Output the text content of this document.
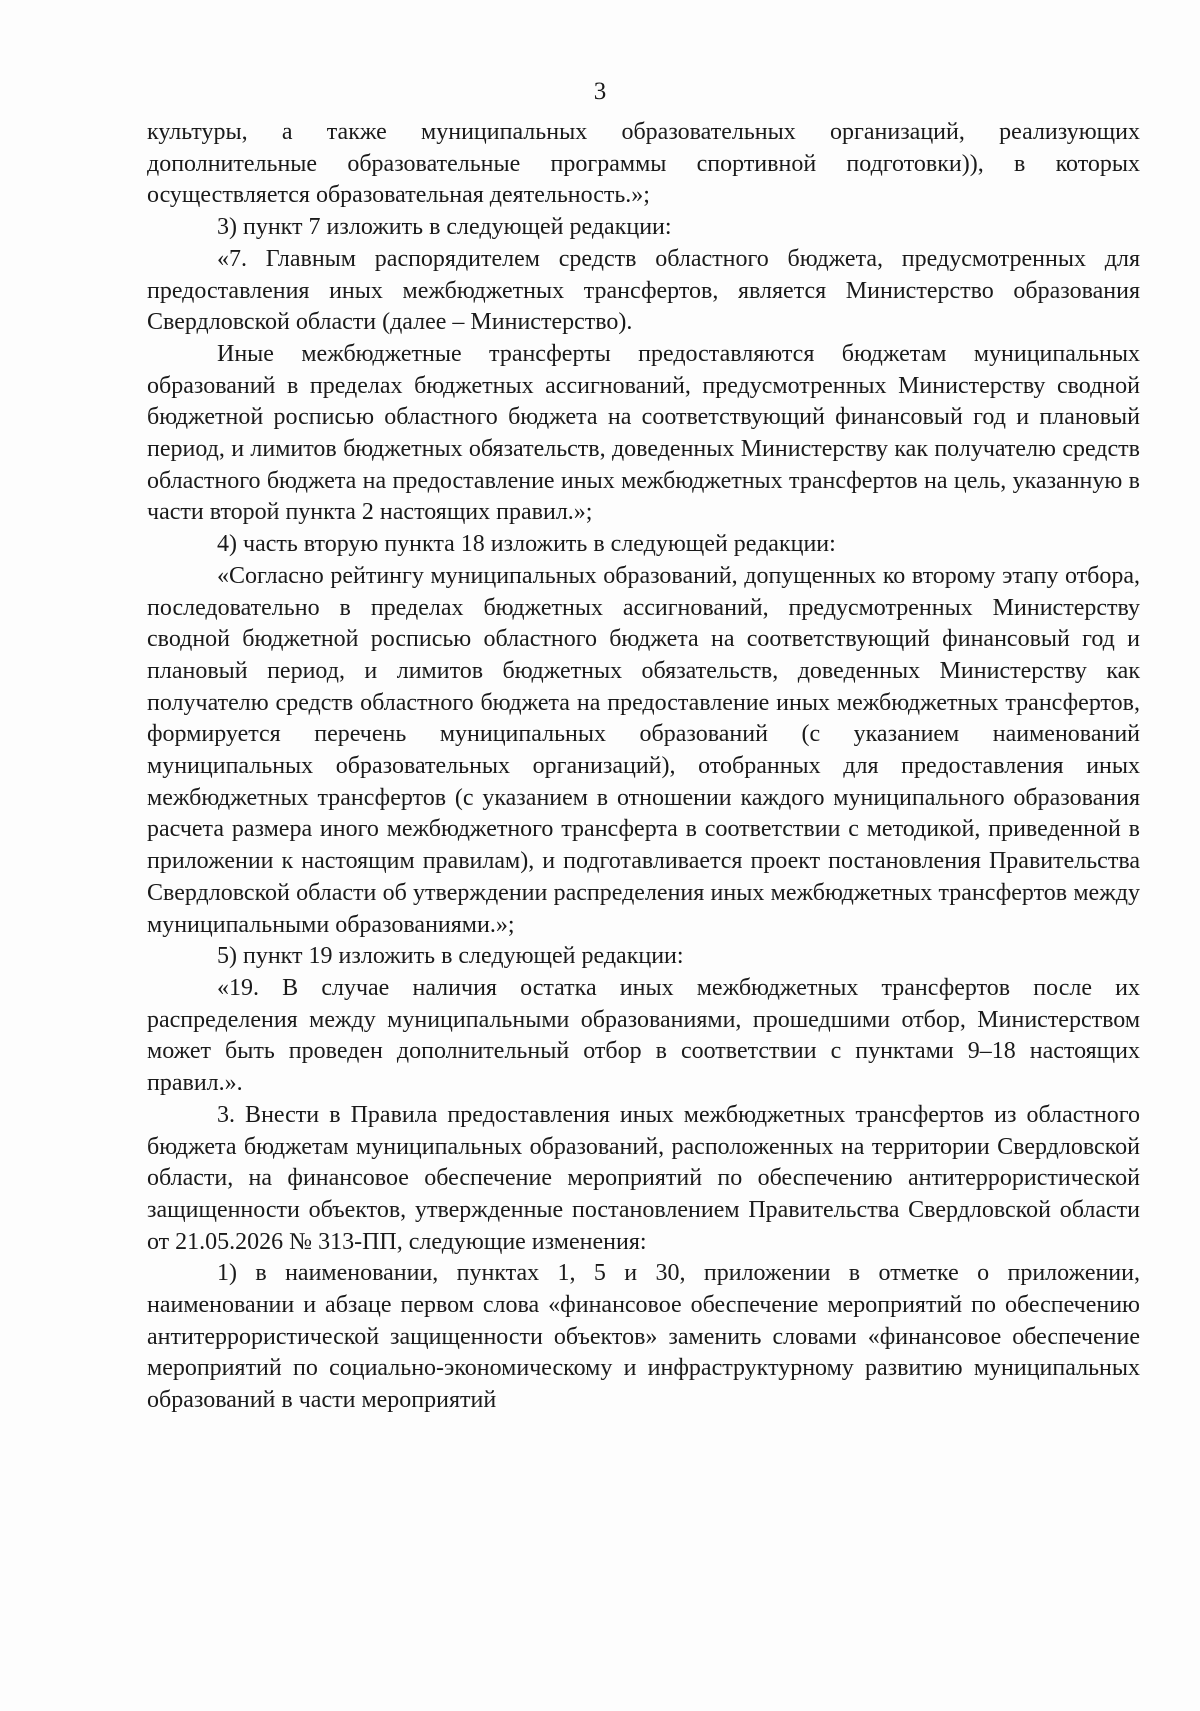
3

культуры, а также муниципальных образовательных организаций, реализующих дополнительные образовательные программы спортивной подготовки)), в которых осуществляется образовательная деятельность.»;

3) пункт 7 изложить в следующей редакции:

«7. Главным распорядителем средств областного бюджета, предусмотренных для предоставления иных межбюджетных трансфертов, является Министерство образования Свердловской области (далее – Министерство).

Иные межбюджетные трансферты предоставляются бюджетам муниципальных образований в пределах бюджетных ассигнований, предусмотренных Министерству сводной бюджетной росписью областного бюджета на соответствующий финансовый год и плановый период, и лимитов бюджетных обязательств, доведенных Министерству как получателю средств областного бюджета на предоставление иных межбюджетных трансфертов на цель, указанную в части второй пункта 2 настоящих правил.»;

4) часть вторую пункта 18 изложить в следующей редакции:

«Согласно рейтингу муниципальных образований, допущенных ко второму этапу отбора, последовательно в пределах бюджетных ассигнований, предусмотренных Министерству сводной бюджетной росписью областного бюджета на соответствующий финансовый год и плановый период, и лимитов бюджетных обязательств, доведенных Министерству как получателю средств областного бюджета на предоставление иных межбюджетных трансфертов, формируется перечень муниципальных образований (с указанием наименований муниципальных образовательных организаций), отобранных для предоставления иных межбюджетных трансфертов (с указанием в отношении каждого муниципального образования расчета размера иного межбюджетного трансферта в соответствии с методикой, приведенной в приложении к настоящим правилам), и подготавливается проект постановления Правительства Свердловской области об утверждении распределения иных межбюджетных трансфертов между муниципальными образованиями.»;

5) пункт 19 изложить в следующей редакции:

«19. В случае наличия остатка иных межбюджетных трансфертов после их распределения между муниципальными образованиями, прошедшими отбор, Министерством может быть проведен дополнительный отбор в соответствии с пунктами 9–18 настоящих правил.».

3. Внести в Правила предоставления иных межбюджетных трансфертов из областного бюджета бюджетам муниципальных образований, расположенных на территории Свердловской области, на финансовое обеспечение мероприятий по обеспечению антитеррористической защищенности объектов, утвержденные постановлением Правительства Свердловской области от 21.05.2026 № 313-ПП, следующие изменения:

1) в наименовании, пунктах 1, 5 и 30, приложении в отметке о приложении, наименовании и абзаце первом слова «финансовое обеспечение мероприятий по обеспечению антитеррористической защищенности объектов» заменить словами «финансовое обеспечение мероприятий по социально-экономическому и инфраструктурному развитию муниципальных образований в части мероприятий
